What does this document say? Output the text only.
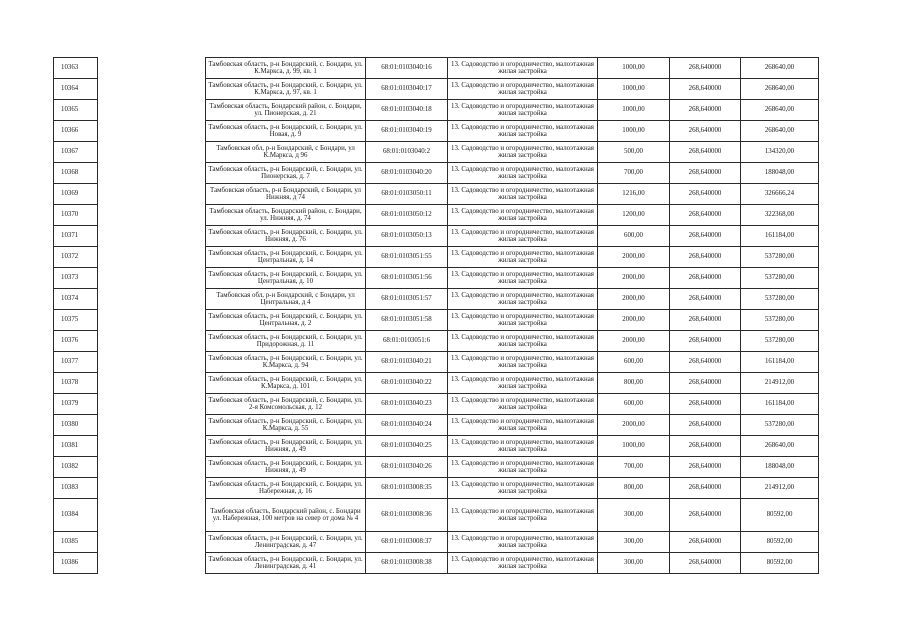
10363		Тамбовская область, р-н Бондарский, с. Бондари, ул. К.Маркса, д. 99, кв. 1	68:01:0103040:16	13. Садоводство и огородничество, малоэтажная жилая застройка	1000,00	268,640000	268640,00
10364		Тамбовская область, р-н Бондарский, с. Бондари, ул. К.Маркса, д. 97, кв. 1	68:01:0103040:17	13. Садоводство и огородничество, малоэтажная жилая застройка	1000,00	268,640000	268640,00
10365		Тамбовская область, Бондарский район, с. Бондари, ул. Пионерская, д. 21	68:01:0103040:18	13. Садоводство и огородничество, малоэтажная жилая застройка	1000,00	268,640000	268640,00
10366		Тамбовская область, р-н Бондарский, с. Бондари, ул. Новая, д. 9	68:01:0103040:19	13. Садоводство и огородничество, малоэтажная жилая застройка	1000,00	268,640000	268640,00
10367		Тамбовская обл, р-н Бондарский, с Бондари, ул К.Маркса, д 96	68:01:0103040:2	13. Садоводство и огородничество, малоэтажная жилая застройка	500,00	268,640000	134320,00
10368		Тамбовская область, р-н Бондарский, с. Бондари, ул. Пионерская, д. 7	68:01:0103040:20	13. Садоводство и огородничество, малоэтажная жилая застройка	700,00	268,640000	188048,00
10369		Тамбовская область, р-н Бондарский, с Бондари, ул Нижняя, д 74	68:01:0103050:11	13. Садоводство и огородничество, малоэтажная жилая застройка	1216,00	268,640000	326666,24
10370		Тамбовская область, Бондарский район, с. Бондари, ул. Нижняя, д. 74	68:01:0103050:12	13. Садоводство и огородничество, малоэтажная жилая застройка	1200,00	268,640000	322368,00
10371		Тамбовская область, р-н Бондарский, с. Бондари, ул. Нижняя, д. 76	68:01:0103050:13	13. Садоводство и огородничество, малоэтажная жилая застройка	600,00	268,640000	161184,00
10372		Тамбовская область, р-н Бондарский, с. Бондари, ул. Центральная, д. 14	68:01:0103051:55	13. Садоводство и огородничество, малоэтажная жилая застройка	2000,00	268,640000	537280,00
10373		Тамбовская область, р-н Бондарский, с. Бондари, ул. Центральная, д. 10	68:01:0103051:56	13. Садоводство и огородничество, малоэтажная жилая застройка	2000,00	268,640000	537280,00
10374		Тамбовская обл, р-н Бондарский, с Бондари, ул Центральная, д 4	68:01:0103051:57	13. Садоводство и огородничество, малоэтажная жилая застройка	2000,00	268,640000	537280,00
10375		Тамбовская область, р-н Бондарский, с. Бондари, ул. Центральная, д. 2	68:01:0103051:58	13. Садоводство и огородничество, малоэтажная жилая застройка	2000,00	268,640000	537280,00
10376		Тамбовская область, р-н Бондарский, с. Бондари, ул. Придорожная, д. 11	68:01:0103051:6	13. Садоводство и огородничество, малоэтажная жилая застройка	2000,00	268,640000	537280,00
10377		Тамбовская область, р-н Бондарский, с. Бондари, ул. К.Маркса, д. 94	68:01:0103040:21	13. Садоводство и огородничество, малоэтажная жилая застройка	600,00	268,640000	161184,00
10378		Тамбовская область, р-н Бондарский, с. Бондари, ул. К.Маркса, д. 101	68:01:0103040:22	13. Садоводство и огородничество, малоэтажная жилая застройка	800,00	268,640000	214912,00
10379		Тамбовская область, р-н Бондарский, с. Бондари, ул. 2-я Комсомольская, д. 12	68:01:0103040:23	13. Садоводство и огородничество, малоэтажная жилая застройка	600,00	268,640000	161184,00
10380		Тамбовская область, р-н Бондарский, с. Бондари, ул. К.Маркса, д. 55	68:01:0103040:24	13. Садоводство и огородничество, малоэтажная жилая застройка	2000,00	268,640000	537280,00
10381		Тамбовская область, р-н Бондарский, с. Бондари, ул. Нижняя, д. 49	68:01:0103040:25	13. Садоводство и огородничество, малоэтажная жилая застройка	1000,00	268,640000	268640,00
10382		Тамбовская область, р-н Бондарский, с. Бондари, ул. Нижняя, д. 49	68:01:0103040:26	13. Садоводство и огородничество, малоэтажная жилая застройка	700,00	268,640000	188048,00
10383		Тамбовская область, р-н Бондарский, с. Бондари, ул. Набережная, д. 16	68:01:0103008:35	13. Садоводство и огородничество, малоэтажная жилая застройка	800,00	268,640000	214912,00
10384		Тамбовская область, Бондарский район, с. Бондари ул. Набережная, 100 метров на север от дома № 4	68:01:0103008:36	13. Садоводство и огородничество, малоэтажная жилая застройка	300,00	268,640000	80592,00
10385		Тамбовская область, р-н Бондарский, с. Бондари, ул. Ленинградская, д. 47	68:01:0103008:37	13. Садоводство и огородничество, малоэтажная жилая застройка	300,00	268,640000	80592,00
10386		Тамбовская область, р-н Бондарский, с. Бондари, ул. Ленинградская, д. 41	68:01:0103008:38	13. Садоводство и огородничество, малоэтажная жилая застройка	300,00	268,640000	80592,00
